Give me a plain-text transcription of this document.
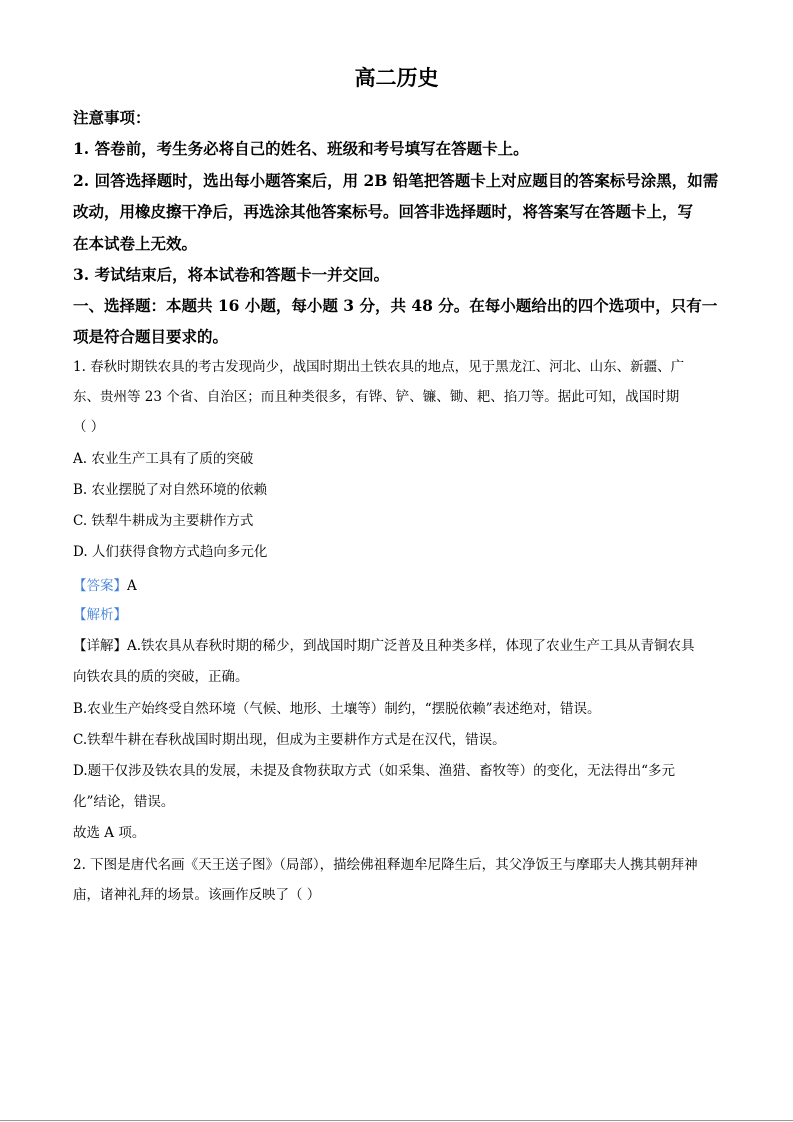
高二历史
注意事项：
1. 答卷前，考生务必将自己的姓名、班级和考号填写在答题卡上。
2. 回答选择题时，选出每小题答案后，用 2B 铅笔把答题卡上对应题目的答案标号涂黑，如需
改动，用橡皮擦干净后，再选涂其他答案标号。回答非选择题时，将答案写在答题卡上，写
在本试卷上无效。
3. 考试结束后，将本试卷和答题卡一并交回。
一、选择题：本题共 16 小题，每小题 3 分，共 48 分。在每小题给出的四个选项中，只有一
项是符合题目要求的。
1. 春秋时期铁农具的考古发现尚少，战国时期出土铁农具的地点，见于黑龙江、河北、山东、新疆、广
东、贵州等 23 个省、自治区；而且种类很多，有铧、铲、镰、锄、耙、掐刀等。据此可知，战国时期
（ ）
A. 农业生产工具有了质的突破
B. 农业摆脱了对自然环境的依赖
C. 铁犁牛耕成为主要耕作方式
D. 人们获得食物方式趋向多元化
【答案】A
【解析】
【详解】A.铁农具从春秋时期的稀少，到战国时期广泛普及且种类多样，体现了农业生产工具从青铜农具
向铁农具的质的突破，正确。
B.农业生产始终受自然环境（气候、地形、土壤等）制约，“摆脱依赖”表述绝对，错误。
C.铁犁牛耕在春秋战国时期出现，但成为主要耕作方式是在汉代，错误。
D.题干仅涉及铁农具的发展，未提及食物获取方式（如采集、渔猎、畜牧等）的变化，无法得出“多元
化”结论，错误。
故选 A 项。
2. 下图是唐代名画《天王送子图》（局部），描绘佛祖释迦牟尼降生后，其父净饭王与摩耶夫人携其朝拜神
庙，诸神礼拜的场景。该画作反映了（ ）
